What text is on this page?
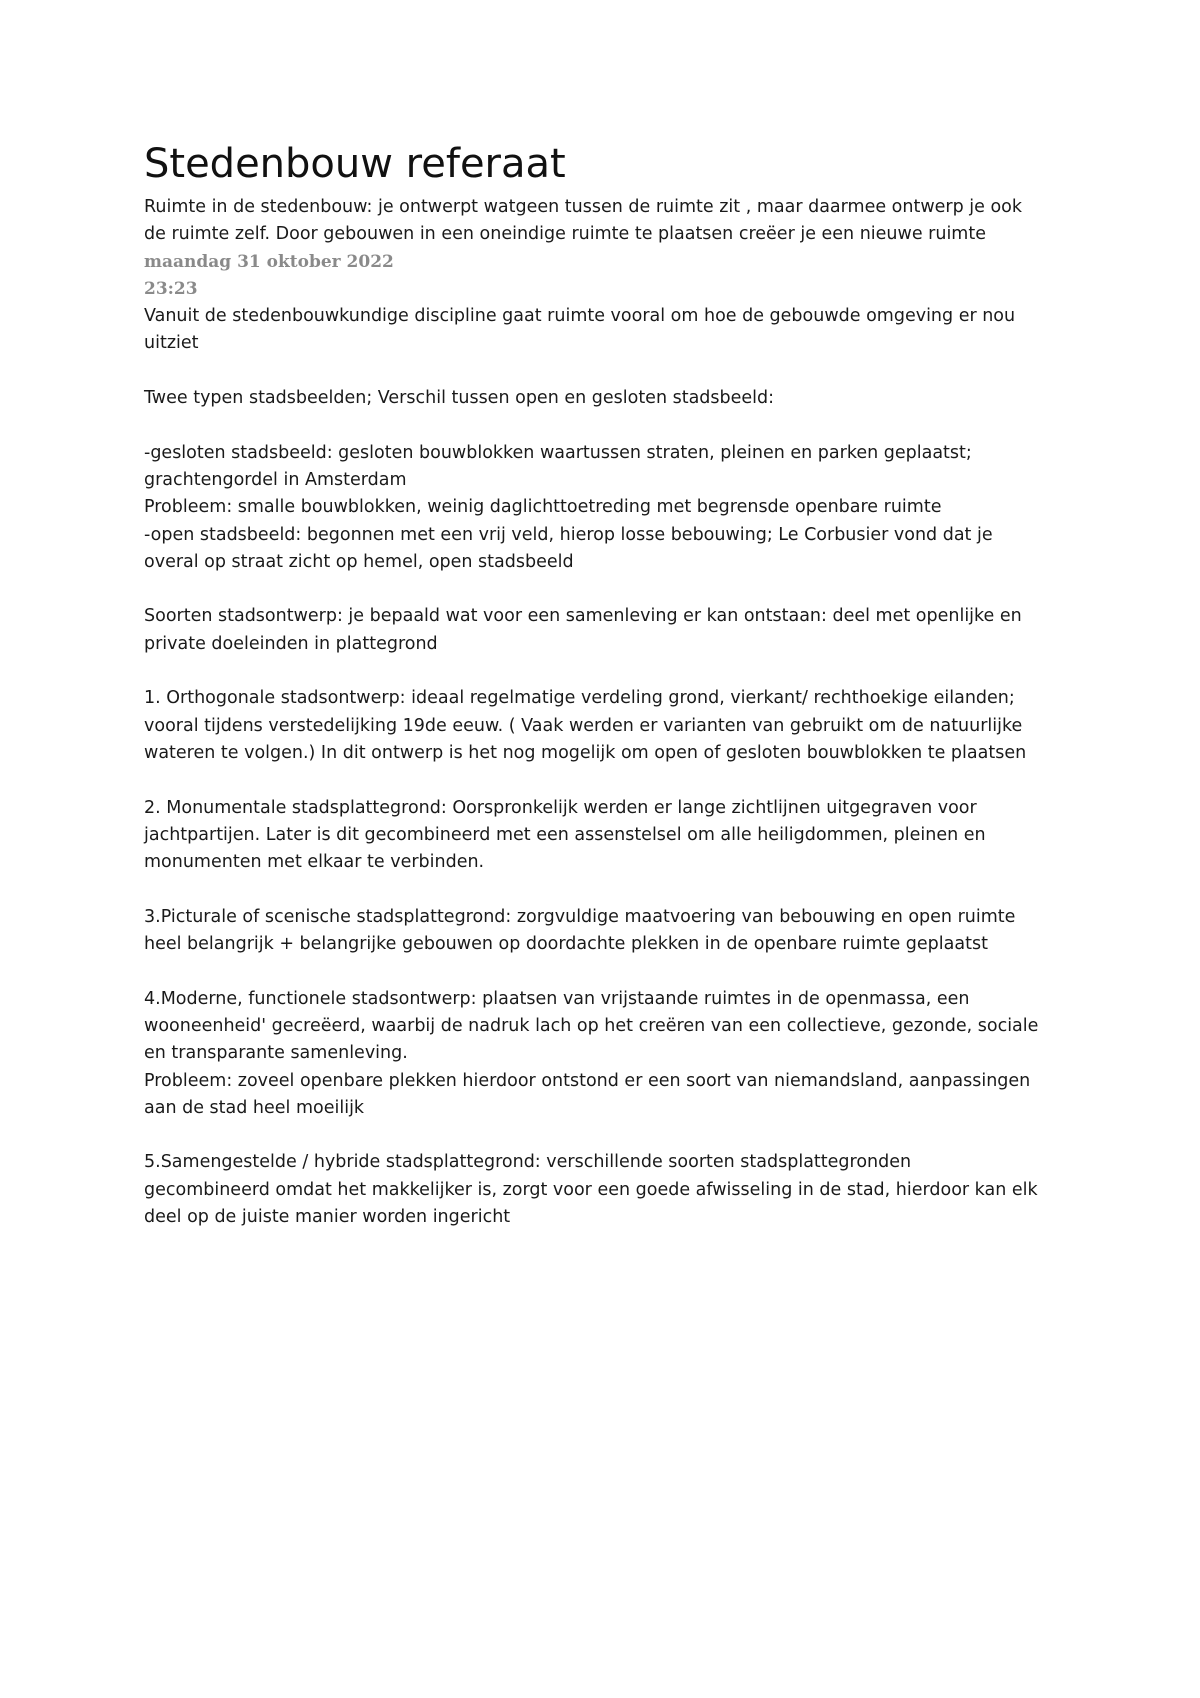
Stedenbouw referaat

Ruimte in de stedenbouw: je ontwerpt watgeen tussen de ruimte zit , maar daarmee ontwerp je ook

de ruimte zelf. Door gebouwen in een oneindige ruimte te plaatsen creëer je een nieuwe ruimte

maandag 31 oktober 2022

23:23

Vanuit de stedenbouwkundige discipline gaat ruimte vooral om hoe de gebouwde omgeving er nou

uitziet

Twee typen stadsbeelden; Verschil tussen open en gesloten stadsbeeld:

-gesloten stadsbeeld: gesloten bouwblokken waartussen straten, pleinen en parken geplaatst;

grachtengordel in Amsterdam

Probleem: smalle bouwblokken, weinig daglichttoetreding met begrensde openbare ruimte

-open stadsbeeld: begonnen met een vrij veld, hierop losse bebouwing; Le Corbusier vond dat je

overal op straat zicht op hemel, open stadsbeeld

Soorten stadsontwerp: je bepaald wat voor een samenleving er kan ontstaan: deel met openlijke en

private doeleinden in plattegrond

1. Orthogonale stadsontwerp: ideaal regelmatige verdeling grond, vierkant/ rechthoekige eilanden;

vooral tijdens verstedelijking 19de eeuw. ( Vaak werden er varianten van gebruikt om de natuurlijke

wateren te volgen.) In dit ontwerp is het nog mogelijk om open of gesloten bouwblokken te plaatsen

2. Monumentale stadsplattegrond: Oorspronkelijk werden er lange zichtlijnen uitgegraven voor

jachtpartijen. Later is dit gecombineerd met een assenstelsel om alle heiligdommen, pleinen en

monumenten met elkaar te verbinden.

3.Picturale of scenische stadsplattegrond: zorgvuldige maatvoering van bebouwing en open ruimte

heel belangrijk + belangrijke gebouwen op doordachte plekken in de openbare ruimte geplaatst

4.Moderne, functionele stadsontwerp: plaatsen van vrijstaande ruimtes in de openmassa, een

wooneenheid' gecreëerd, waarbij de nadruk lach op het creëren van een collectieve, gezonde, sociale

en transparante samenleving.

Probleem: zoveel openbare plekken hierdoor ontstond er een soort van niemandsland, aanpassingen

aan de stad heel moeilijk

5.Samengestelde / hybride stadsplattegrond: verschillende soorten stadsplattegronden

gecombineerd omdat het makkelijker is, zorgt voor een goede afwisseling in de stad, hierdoor kan elk

deel op de juiste manier worden ingericht
